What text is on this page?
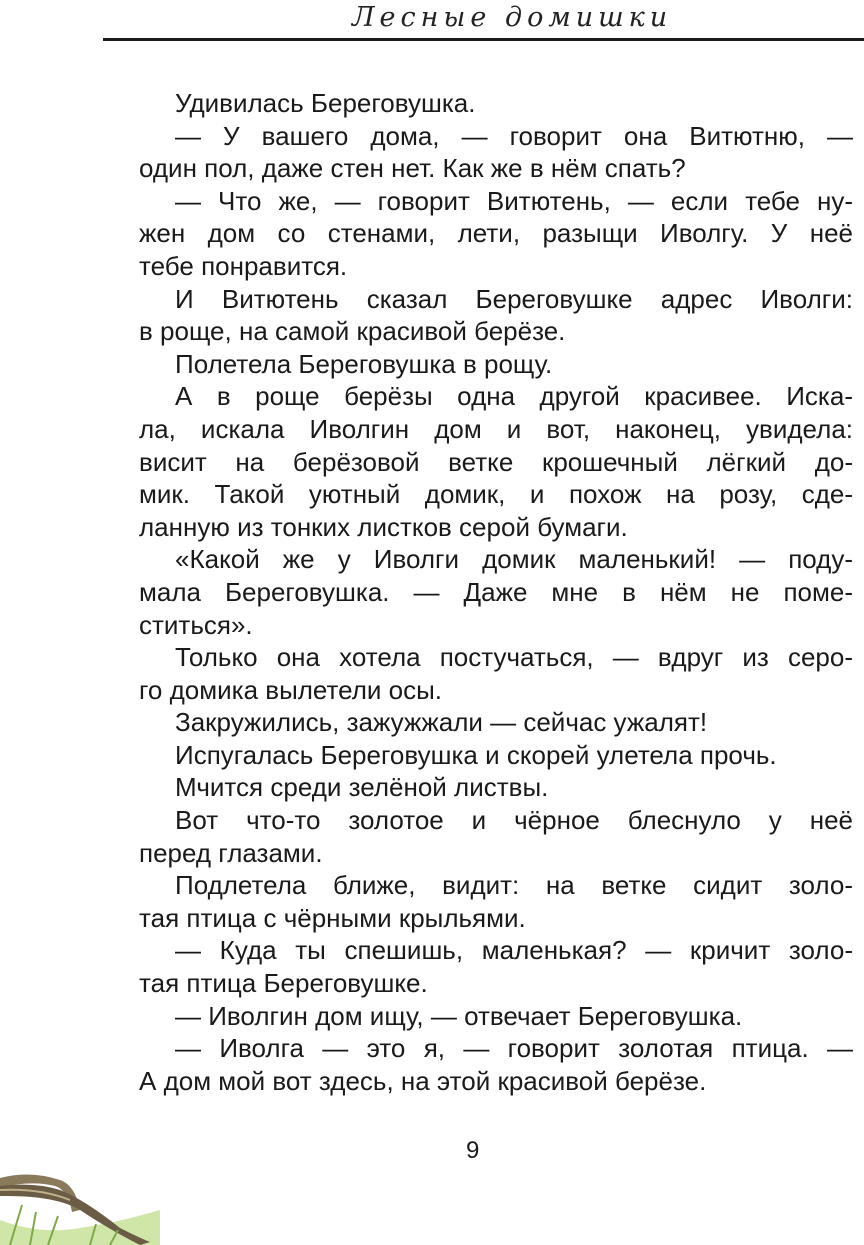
Лесные домишки
Удивилась Береговушка.
— У вашего дома, — говорит она Витютню, —
один пол, даже стен нет. Как же в нём спать?
— Что же, — говорит Витютень, — если тебе ну-
жен дом со стенами, лети, разыщи Иволгу. У неё
тебе понравится.
И Витютень сказал Береговушке адрес Иволги:
в роще, на самой красивой берёзе.
Полетела Береговушка в рощу.
А в роще берёзы одна другой красивее. Иска-
ла, искала Иволгин дом и вот, наконец, увидела:
висит на берёзовой ветке крошечный лёгкий до-
мик. Такой уютный домик, и похож на розу, сде-
ланную из тонких листков серой бумаги.
«Какой же у Иволги домик маленький! — поду-
мала Береговушка. — Даже мне в нём не поме-
ститься».
Только она хотела постучаться, — вдруг из серо-
го домика вылетели осы.
Закружились, зажужжали — сейчас ужалят!
Испугалась Береговушка и скорей улетела прочь.
Мчится среди зелёной листвы.
Вот что-то золотое и чёрное блеснуло у неё
перед глазами.
Подлетела ближе, видит: на ветке сидит золо-
тая птица с чёрными крыльями.
— Куда ты спешишь, маленькая? — кричит золо-
тая птица Береговушке.
— Иволгин дом ищу, — отвечает Береговушка.
— Иволга — это я, — говорит золотая птица. —
А дом мой вот здесь, на этой красивой берёзе.
9
